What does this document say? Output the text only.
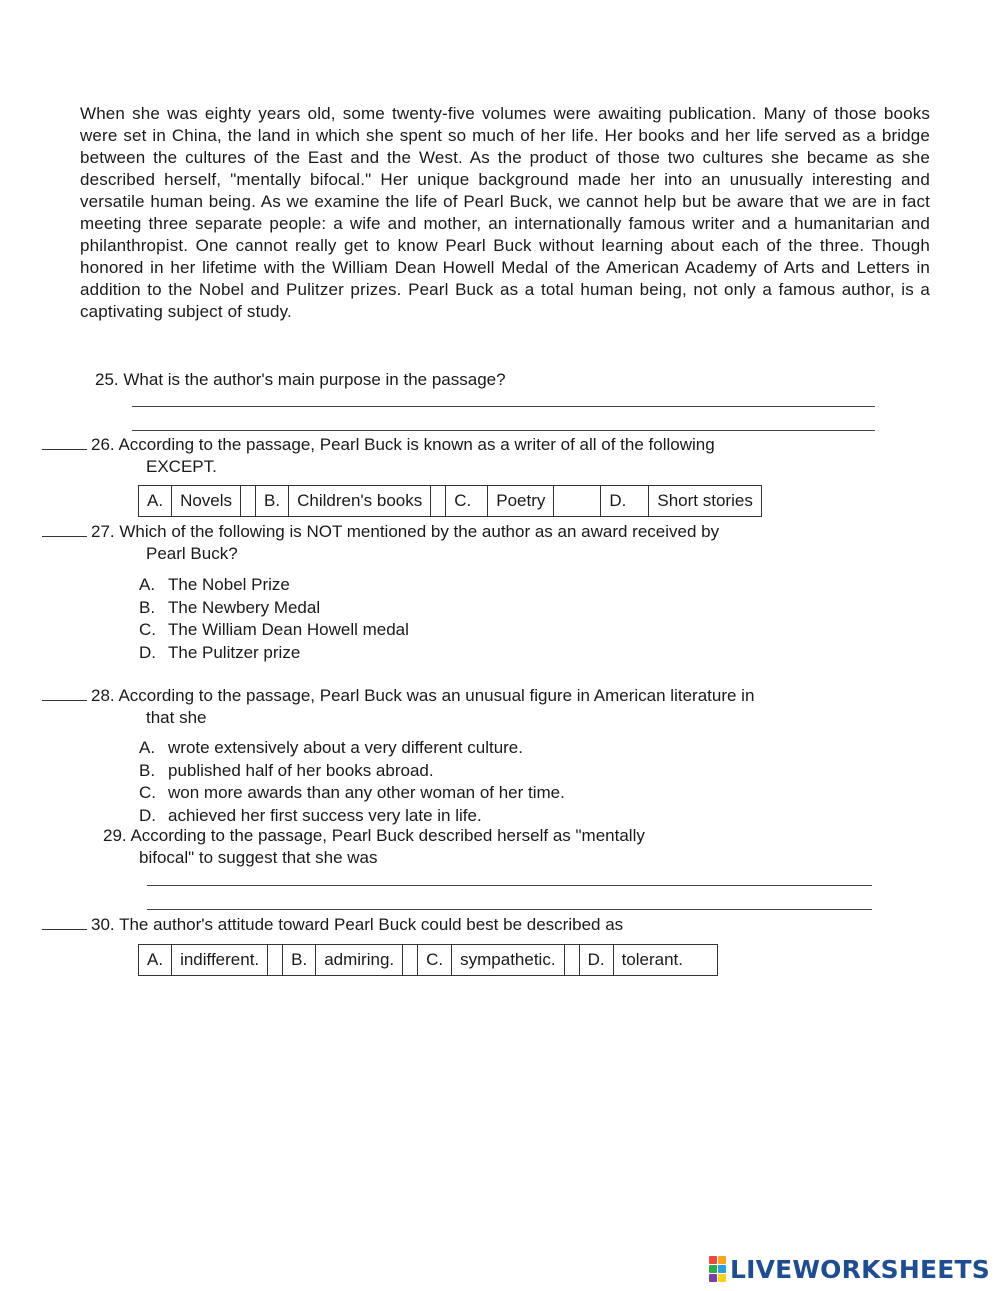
When she was eighty years old, some twenty-five volumes were awaiting publication. Many of those books were set in China, the land in which she spent so much of her life. Her books and her life served as a bridge between the cultures of the East and the West. As the product of those two cultures she became as she described herself, "mentally bifocal." Her unique background made her into an unusually interesting and versatile human being. As we examine the life of Pearl Buck, we cannot help but be aware that we are in fact meeting three separate people: a wife and mother, an internationally famous writer and a humanitarian and philanthropist. One cannot really get to know Pearl Buck without learning about each of the three. Though honored in her lifetime with the William Dean Howell Medal of the American Academy of Arts and Letters in addition to the Nobel and Pulitzer prizes. Pearl Buck as a total human being, not only a famous author, is a captivating subject of study.
25. What is the author's main purpose in the passage?
26. According to the passage, Pearl Buck is known as a writer of all of the following
EXCEPT.
A.	Novels		B.	Children's books		C.	Poetry		D.	Short stories
27. Which of the following is NOT mentioned by the author as an award received by
Pearl Buck?
A. The Nobel Prize
B. The Newbery Medal
C. The William Dean Howell medal
D. The Pulitzer prize
28. According to the passage, Pearl Buck was an unusual figure in American literature in
that she
A. wrote extensively about a very different culture.
B. published half of her books abroad.
C. won more awards than any other woman of her time.
D. achieved her first success very late in life.
29. According to the passage, Pearl Buck described herself as "mentally
bifocal" to suggest that she was
30. The author's attitude toward Pearl Buck could best be described as
A.	indifferent.		B.	admiring.		C.	sympathetic.		D.	tolerant.
LIVEWORKSHEETS
